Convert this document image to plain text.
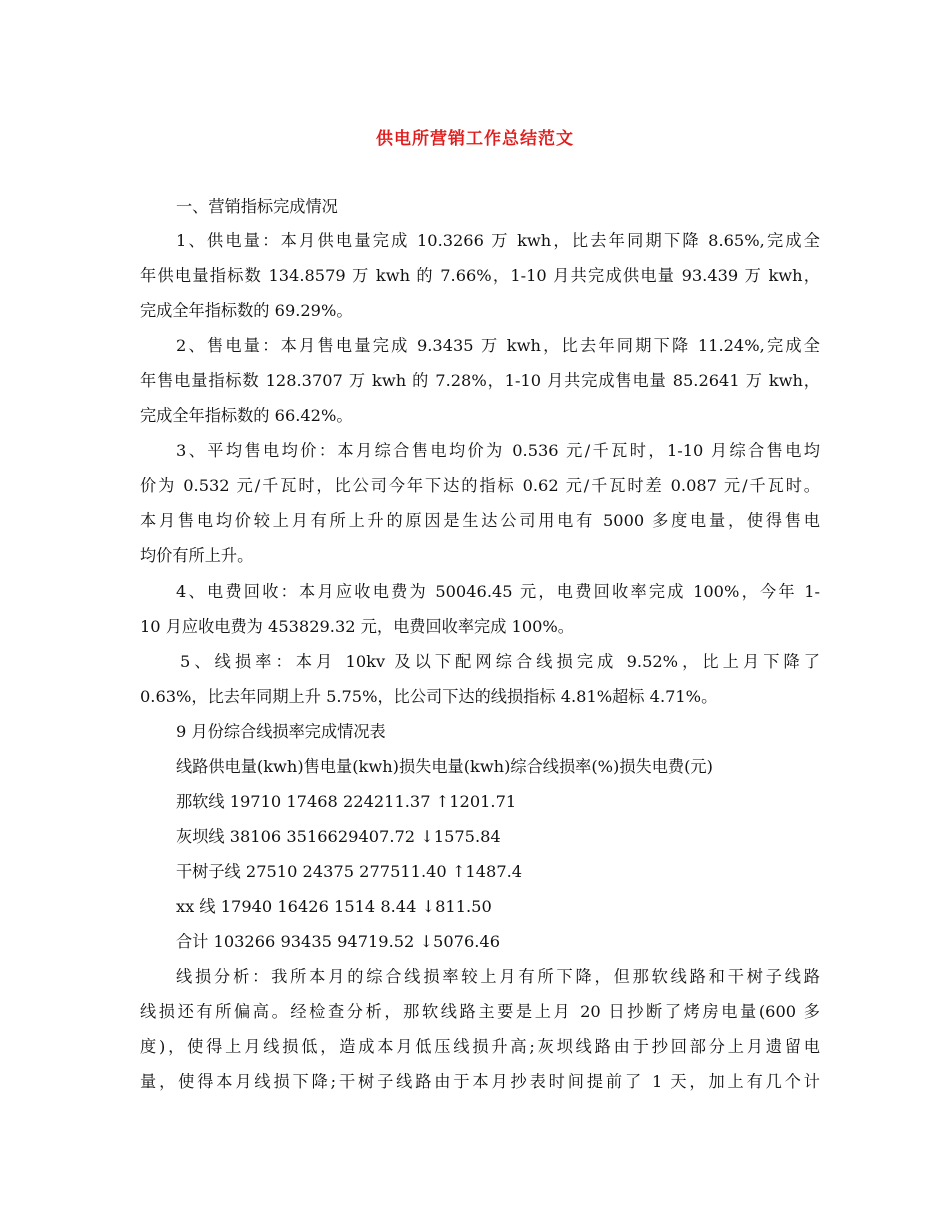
供电所营销工作总结范文
一、营销指标完成情况
1、供电量：本月供电量完成 10.3266 万 kwh，比去年同期下降 8.65%,完成全
年供电量指标数 134.8579 万 kwh 的 7.66%，1-10 月共完成供电量 93.439 万 kwh，
完成全年指标数的 69.29%。
2、售电量：本月售电量完成 9.3435 万 kwh，比去年同期下降 11.24%,完成全
年售电量指标数 128.3707 万 kwh 的 7.28%，1-10 月共完成售电量 85.2641 万 kwh，
完成全年指标数的 66.42%。
3、平均售电均价：本月综合售电均价为 0.536 元/千瓦时，1-10 月综合售电均
价为 0.532 元/千瓦时，比公司今年下达的指标 0.62 元/千瓦时差 0.087 元/千瓦时。
本月售电均价较上月有所上升的原因是生达公司用电有 5000 多度电量，使得售电
均价有所上升。
4、电费回收：本月应收电费为 50046.45 元，电费回收率完成 100%，今年 1-
10 月应收电费为 453829.32 元，电费回收率完成 100%。
5、线损率：本月 10kv 及以下配网综合线损完成 9.52%，比上月下降了
0.63%，比去年同期上升 5.75%，比公司下达的线损指标 4.81%超标 4.71%。
9 月份综合线损率完成情况表
线路供电量(kwh)售电量(kwh)损失电量(kwh)综合线损率(%)损失电费(元)
那软线 19710 17468 224211.37 ↑1201.71
灰坝线 38106 3516629407.72 ↓1575.84
干树子线 27510 24375 277511.40 ↑1487.4
xx 线 17940 16426 1514 8.44 ↓811.50
合计 103266 93435 94719.52 ↓5076.46
线损分析：我所本月的综合线损率较上月有所下降，但那软线路和干树子线路
线损还有所偏高。经检查分析，那软线路主要是上月 20 日抄断了烤房电量(600 多
度)，使得上月线损低，造成本月低压线损升高;灰坝线路由于抄回部分上月遗留电
量，使得本月线损下降;干树子线路由于本月抄表时间提前了 1 天，加上有几个计
